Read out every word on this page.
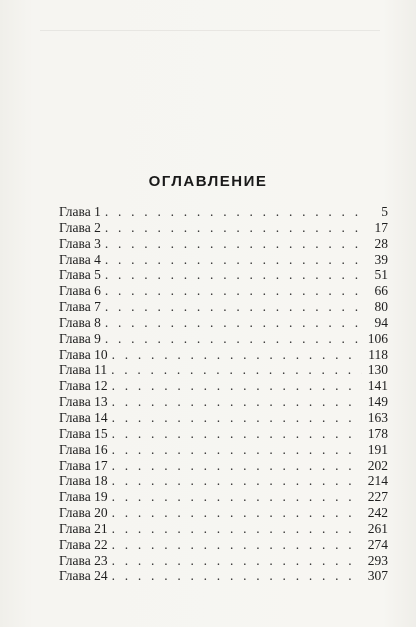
ОГЛАВЛЕНИЕ
Глава 1 . . .	5
Глава 2 . . .	17
Глава 3 . . .	28
Глава 4 . . .	39
Глава 5 . . .	51
Глава 6 . . .	66
Глава 7 . . .	80
Глава 8 . . .	94
Глава 9 . . .	106
Глава 10 . . .	118
Глава 11 . . .	130
Глава 12 . . .	141
Глава 13 . . .	149
Глава 14 . . .	163
Глава 15 . . .	178
Глава 16 . . .	191
Глава 17 . . .	202
Глава 18 . . .	214
Глава 19 . . .	227
Глава 20 . . .	242
Глава 21 . . .	261
Глава 22 . . .	274
Глава 23 . . .	293
Глава 24 . . .	307
